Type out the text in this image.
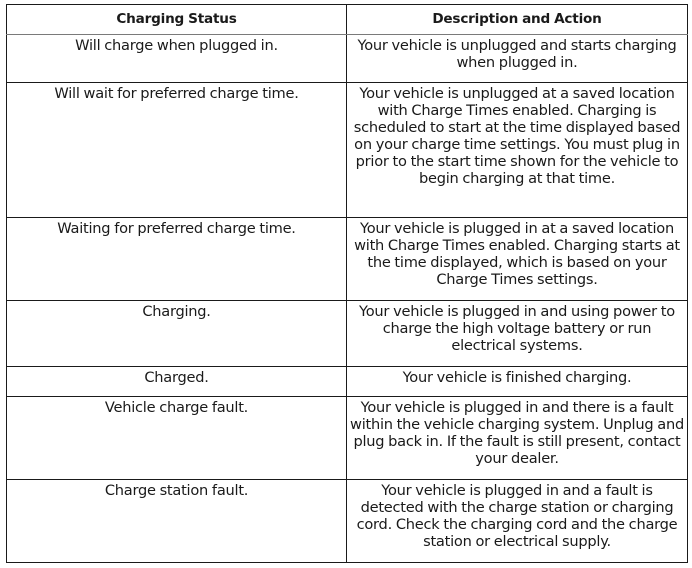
Charging Status	Description and Action
Will charge when plugged in.	Your vehicle is unplugged and starts charging when plugged in.
Will wait for preferred charge time.	Your vehicle is unplugged at a saved location with Charge Times enabled. Charging is scheduled to start at the time displayed based on your charge time settings. You must plug in prior to the start time shown for the vehicle to begin charging at that time.
Waiting for preferred charge time.	Your vehicle is plugged in at a saved location with Charge Times enabled. Charging starts at the time displayed, which is based on your Charge Times settings.
Charging.	Your vehicle is plugged in and using power to charge the high voltage battery or run electrical systems.
Charged.	Your vehicle is finished charging.
Vehicle charge fault.	Your vehicle is plugged in and there is a fault within the vehicle charging system. Unplug and plug back in. If the fault is still present, contact your dealer.
Charge station fault.	Your vehicle is plugged in and a fault is detected with the charge station or charging cord. Check the charging cord and the charge station or electrical supply.
